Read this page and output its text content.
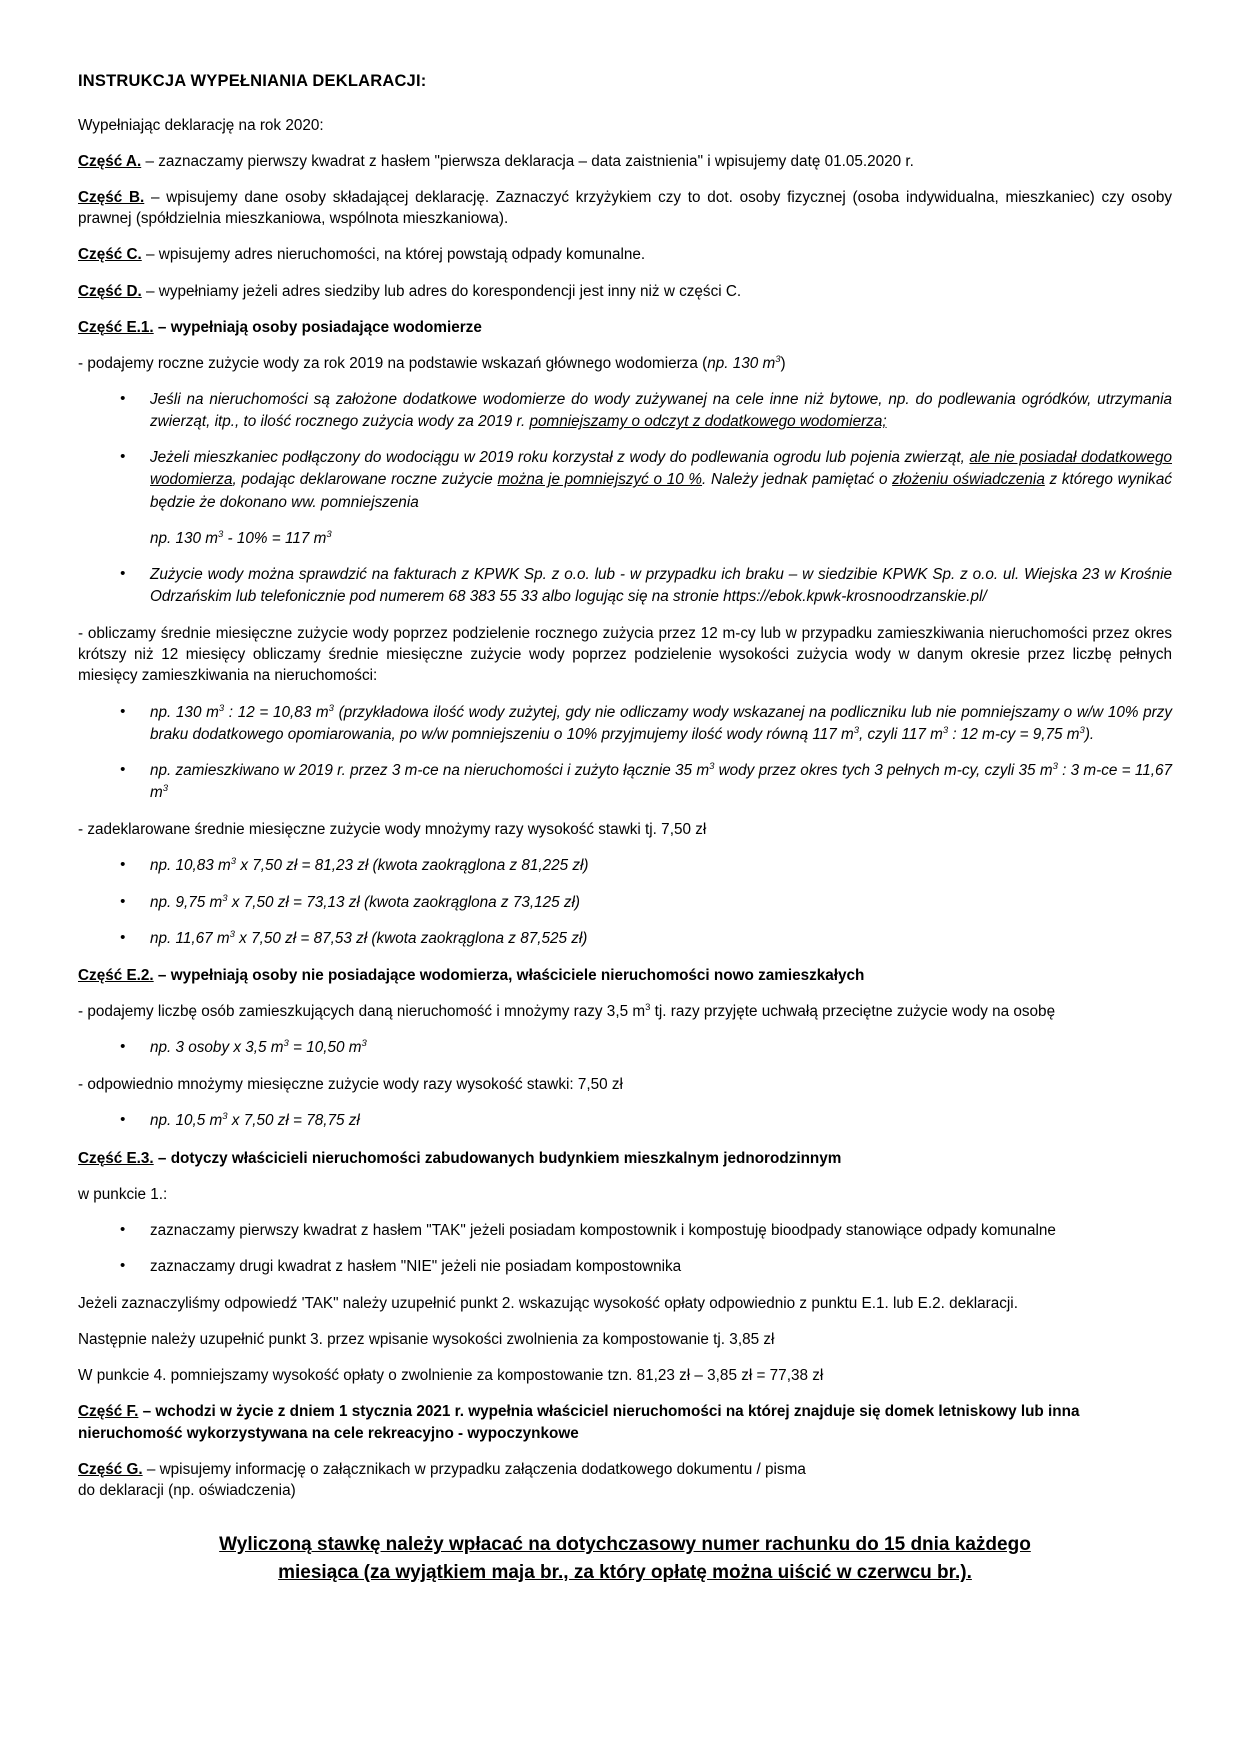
INSTRUKCJA WYPEŁNIANIA DEKLARACJI:

Wypełniając deklarację na rok 2020:

Część A. – zaznaczamy pierwszy kwadrat z hasłem "pierwsza deklaracja – data zaistnienia" i wpisujemy datę 01.05.2020 r.

Część B. – wpisujemy dane osoby składającej deklarację. Zaznaczyć krzyżykiem czy to dot. osoby fizycznej (osoba indywidualna, mieszkaniec) czy osoby prawnej (spółdzielnia mieszkaniowa, wspólnota mieszkaniowa).

Część C. – wpisujemy adres nieruchomości, na której powstają odpady komunalne.

Część D. – wypełniamy jeżeli adres siedziby lub adres do korespondencji jest inny niż w części C.

Część E.1. – wypełniają osoby posiadające wodomierze

- podajemy roczne zużycie wody za rok 2019 na podstawie wskazań głównego wodomierza (np. 130 $m^3$)

• Jeśli na nieruchomości są założone dodatkowe wodomierze do wody zużywanej na cele inne niż bytowe, np. do podlewania ogródków, utrzymania zwierząt, itp., to ilość rocznego zużycia wody za 2019 r. pomniejszamy o odczyt z dodatkowego wodomierza;
• Jeżeli mieszkaniec podłączony do wodociągu w 2019 roku korzystał z wody do podlewania ogrodu lub pojenia zwierząt, ale nie posiadał dodatkowego wodomierza, podając deklarowane roczne zużycie można je pomniejszyć o 10 %. Należy jednak pamiętać o złożeniu oświadczenia z którego wynikać będzie że dokonano ww. pomniejszenia
np. 130 $m^3 - 10\% = 117$ $m^3$
• Zużycie wody można sprawdzić na fakturach z KPWK Sp. z o.o. lub - w przypadku ich braku – w siedzibie KPWK Sp. z o.o. ul. Wiejska 23 w Krośnie Odrzańskim lub telefonicznie pod numerem 68 383 55 33 albo logując się na stronie https://ebok.kpwk-krosnoodrzanskie.pl/

- obliczamy średnie miesięczne zużycie wody poprzez podzielenie rocznego zużycia przez 12 m-cy lub w przypadku zamieszkiwania nieruchomości przez okres krótszy niż 12 miesięcy obliczamy średnie miesięczne zużycie wody poprzez podzielenie wysokości zużycia wody w danym okresie przez liczbę pełnych miesięcy zamieszkiwania na nieruchomości:

• np. 130 $m^3$ : 12 = 10,83 $m^3$ (przykładowa ilość wody zużytej, gdy nie odliczamy wody wskazanej na podliczniku lub nie pomniejszamy o w/w 10% przy braku dodatkowego opomiarowania, po w/w pomniejszeniu o 10% przyjmujemy ilość wody równą 117 $m^3$, czyli 117 $m^3$ : 12 m-cy = 9,75 $m^3$).
• np. zamieszkiwano w 2019 r. przez 3 m-ce na nieruchomości i zużyto łącznie 35 $m^3$ wody przez okres tych 3 pełnych m-cy, czyli 35 $m^3$ : 3 m-ce = 11,67 $m^3$

- zadeklarowane średnie miesięczne zużycie wody mnożymy razy wysokość stawki tj. 7,50 zł

• np. 10,83 $m^3$ x 7,50 zł = 81,23 zł (kwota zaokrąglona z 81,225 zł)
• np. 9,75 $m^3$ x 7,50 zł = 73,13 zł (kwota zaokrąglona z 73,125 zł)
• np. 11,67 $m^3$ x 7,50 zł = 87,53 zł (kwota zaokrąglona z 87,525 zł)

Część E.2. – wypełniają osoby nie posiadające wodomierza, właściciele nieruchomości nowo zamieszkałych

- podajemy liczbę osób zamieszkujących daną nieruchomość i mnożymy razy 3,5 $m^3$ tj. razy przyjęte uchwałą przeciętne zużycie wody na osobę

• np. 3 osoby x 3,5 $m^3 = 10,50$ $m^3$

- odpowiednio mnożymy miesięczne zużycie wody razy wysokość stawki: 7,50 zł

• np. 10,5 $m^3$ x 7,50 zł = 78,75 zł

Część E.3. – dotyczy właścicieli nieruchomości zabudowanych budynkiem mieszkalnym jednorodzinnym

w punkcie 1.:

• zaznaczamy pierwszy kwadrat z hasłem "TAK" jeżeli posiadam kompostownik i kompostuję bioodpady stanowiące odpady komunalne
• zaznaczamy drugi kwadrat z hasłem "NIE" jeżeli nie posiadam kompostownika

Jeżeli zaznaczyliśmy odpowiedź 'TAK" należy uzupełnić punkt 2. wskazując wysokość opłaty odpowiednio z punktu E.1. lub E.2. deklaracji.

Następnie należy uzupełnić punkt 3. przez wpisanie wysokości zwolnienia za kompostowanie tj. 3,85 zł

W punkcie 4. pomniejszamy wysokość opłaty o zwolnienie za kompostowanie tzn. 81,23 zł – 3,85 zł = 77,38 zł

Część F. – wchodzi w życie z dniem 1 stycznia 2021 r. wypełnia właściciel nieruchomości na której znajduje się domek letniskowy lub inna nieruchomość wykorzystywana na cele rekreacyjno - wypoczynkowe

Część G. – wpisujemy informację o załącznikach w przypadku załączenia dodatkowego dokumentu / pisma
do deklaracji (np. oświadczenia)

Wyliczoną stawkę należy wpłacać na dotychczasowy numer rachunku do 15 dnia każdego
miesiąca (za wyjątkiem maja br., za który opłatę można uiścić w czerwcu br.).
